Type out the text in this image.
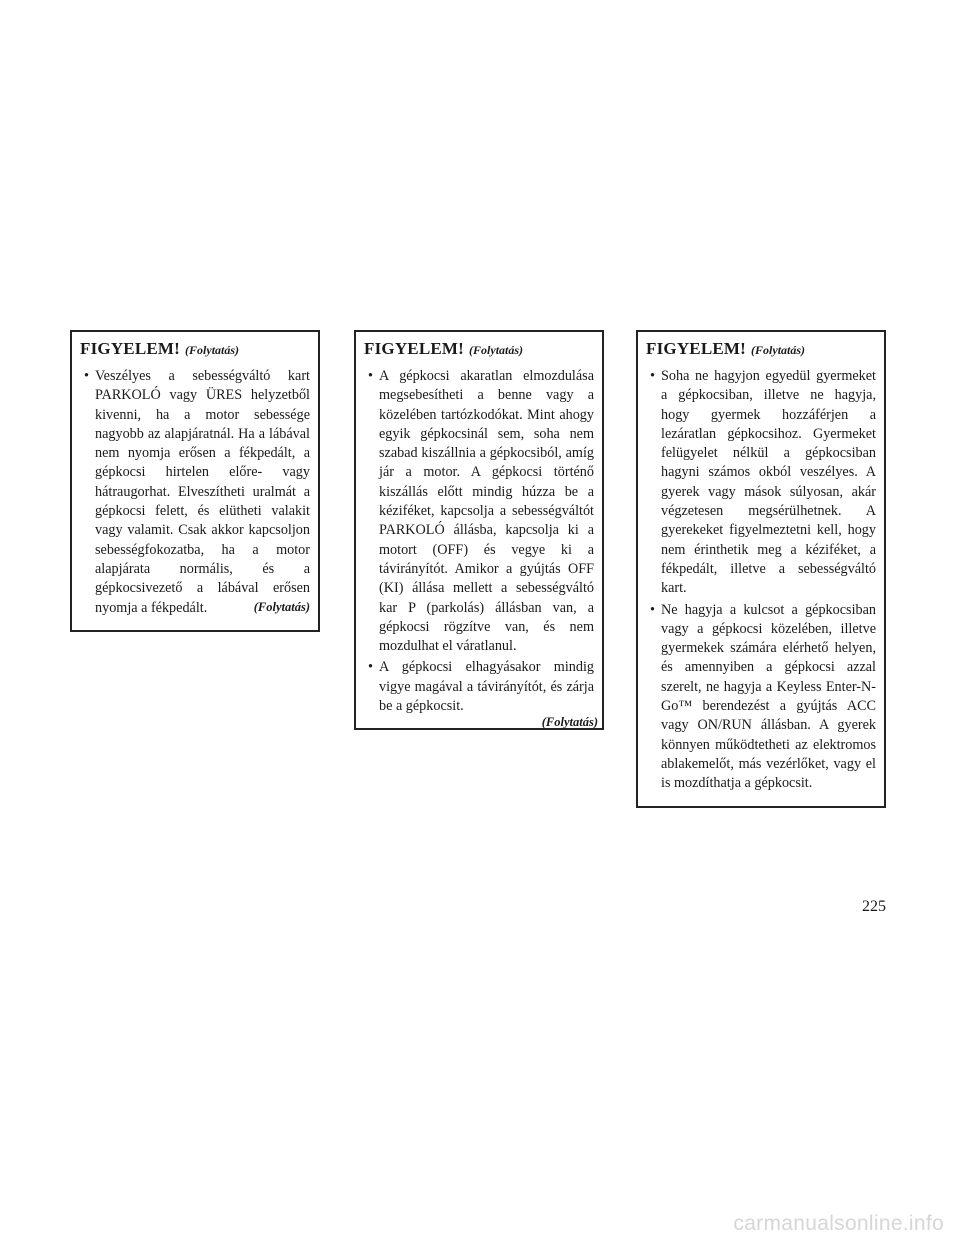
FIGYELEM! (Folytatás)
• Veszélyes a sebességváltó kart PARKOLÓ vagy ÜRES helyzetből kivenni, ha a motor sebessége nagyobb az alapjáratnál. Ha a lábával nem nyomja erősen a fékpedált, a gépkocsi hirtelen előre- vagy hátraugorhat. Elveszítheti uralmát a gépkocsi felett, és elütheti valakit vagy valamit. Csak akkor kapcsoljon sebességfokozatba, ha a motor alapjárata normális, és a gépkocsivezető a lábával erősen nyomja a fékpedált.	(Folytatás)
FIGYELEM! (Folytatás)
• A gépkocsi akaratlan elmozdulása megsebesítheti a benne vagy a közelében tartózkodókat. Mint ahogy egyik gépkocsinál sem, soha nem szabad kiszállnia a gépkocsiból, amíg jár a motor. A gépkocsi történő kiszállás előtt mindig húzza be a kéziféket, kapcsolja a sebességváltót PARKOLÓ állásba, kapcsolja ki a motort (OFF) és vegye ki a távirányítót. Amikor a gyújtás OFF (KI) állása mellett a sebességváltó kar P (parkolás) állásban van, a gépkocsi rögzítve van, és nem mozdulhat el váratlanul.
• A gépkocsi elhagyásakor mindig vigye magával a távirányítót, és zárja be a gépkocsit.
(Folytatás)
FIGYELEM! (Folytatás)
• Soha ne hagyjon egyedül gyermeket a gépkocsiban, illetve ne hagyja, hogy gyermek hozzáférjen a lezáratlan gépkocsihoz. Gyermeket felügyelet nélkül a gépkocsiban hagyni számos okból veszélyes. A gyerek vagy mások súlyosan, akár végzetesen megsérülhetnek. A gyerekeket figyelmeztetni kell, hogy nem érinthetik meg a kéziféket, a fékpedált, illetve a sebességváltó kart.
• Ne hagyja a kulcsot a gépkocsiban vagy a gépkocsi közelében, illetve gyermekek számára elérhető helyen, és amennyiben a gépkocsi azzal szerelt, ne hagyja a Keyless Enter-N-Go™ berendezést a gyújtás ACC vagy ON/RUN állásban. A gyerek könnyen működtetheti az elektromos ablakemelőt, más vezérlőket, vagy el is mozdíthatja a gépkocsit.
225
carmanualsonline.info
